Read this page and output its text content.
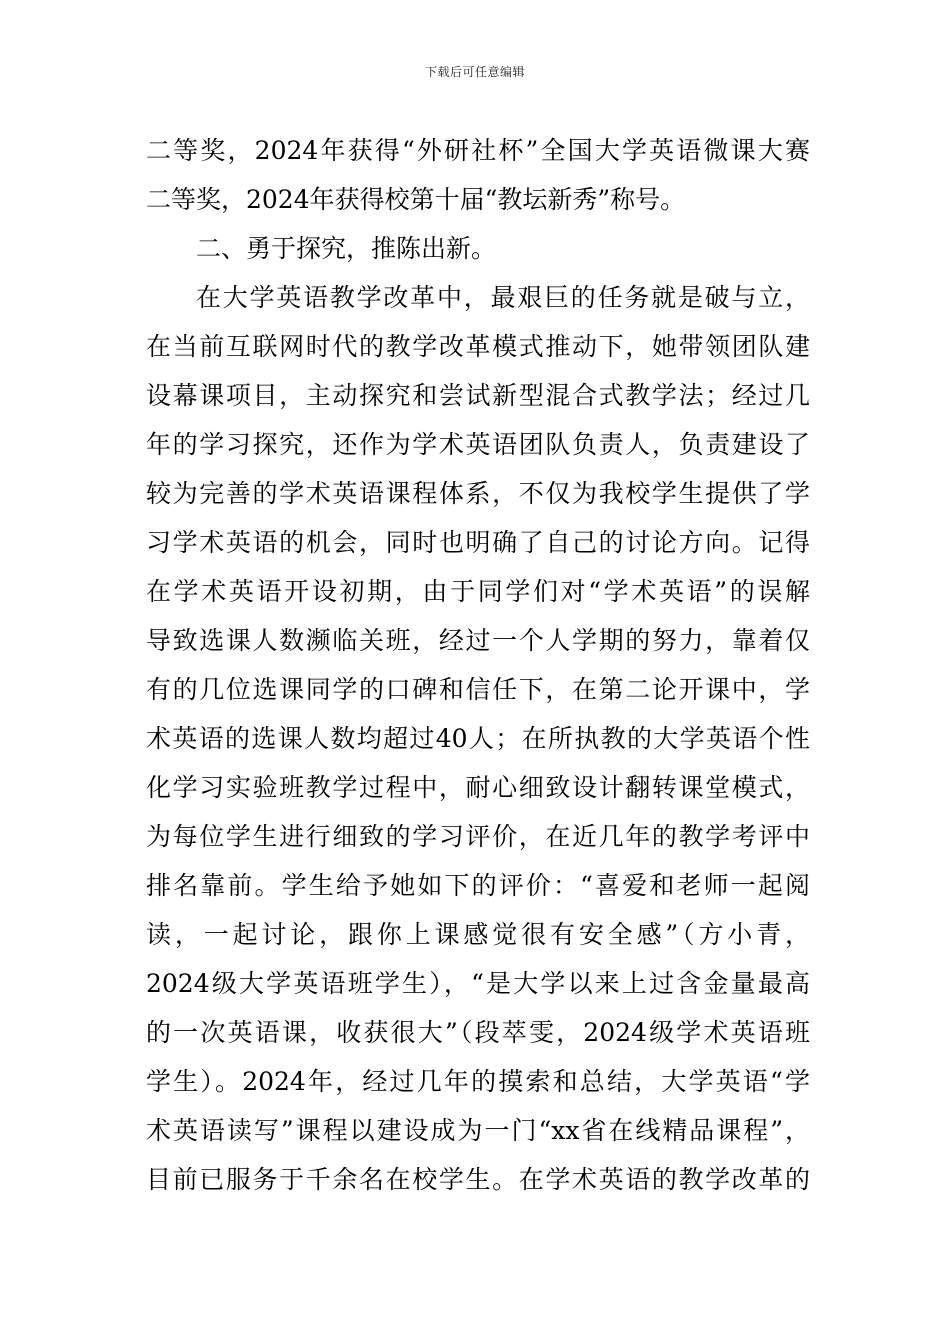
下载后可任意编辑
二等奖，2024年获得“外研社杯”全国大学英语微课大赛
二等奖，2024年获得校第十届“教坛新秀”称号。
二、勇于探究，推陈出新。
在大学英语教学改革中，最艰巨的任务就是破与立，
在当前互联网时代的教学改革模式推动下，她带领团队建
设幕课项目，主动探究和尝试新型混合式教学法；经过几
年的学习探究，还作为学术英语团队负责人，负责建设了
较为完善的学术英语课程体系，不仅为我校学生提供了学
习学术英语的机会，同时也明确了自己的讨论方向。记得
在学术英语开设初期，由于同学们对“学术英语”的误解
导致选课人数濒临关班，经过一个人学期的努力，靠着仅
有的几位选课同学的口碑和信任下，在第二论开课中，学
术英语的选课人数均超过40人；在所执教的大学英语个性
化学习实验班教学过程中，耐心细致设计翻转课堂模式，
为每位学生进行细致的学习评价，在近几年的教学考评中
排名靠前。学生给予她如下的评价：“喜爱和老师一起阅
读，一起讨论，跟你上课感觉很有安全感”（方小青，
2024级大学英语班学生），“是大学以来上过含金量最高
的一次英语课，收获很大”（段萃雯，2024级学术英语班
学生）。2024年，经过几年的摸索和总结，大学英语“学
术英语读写”课程以建设成为一门“xx省在线精品课程”，
目前已服务于千余名在校学生。在学术英语的教学改革的
